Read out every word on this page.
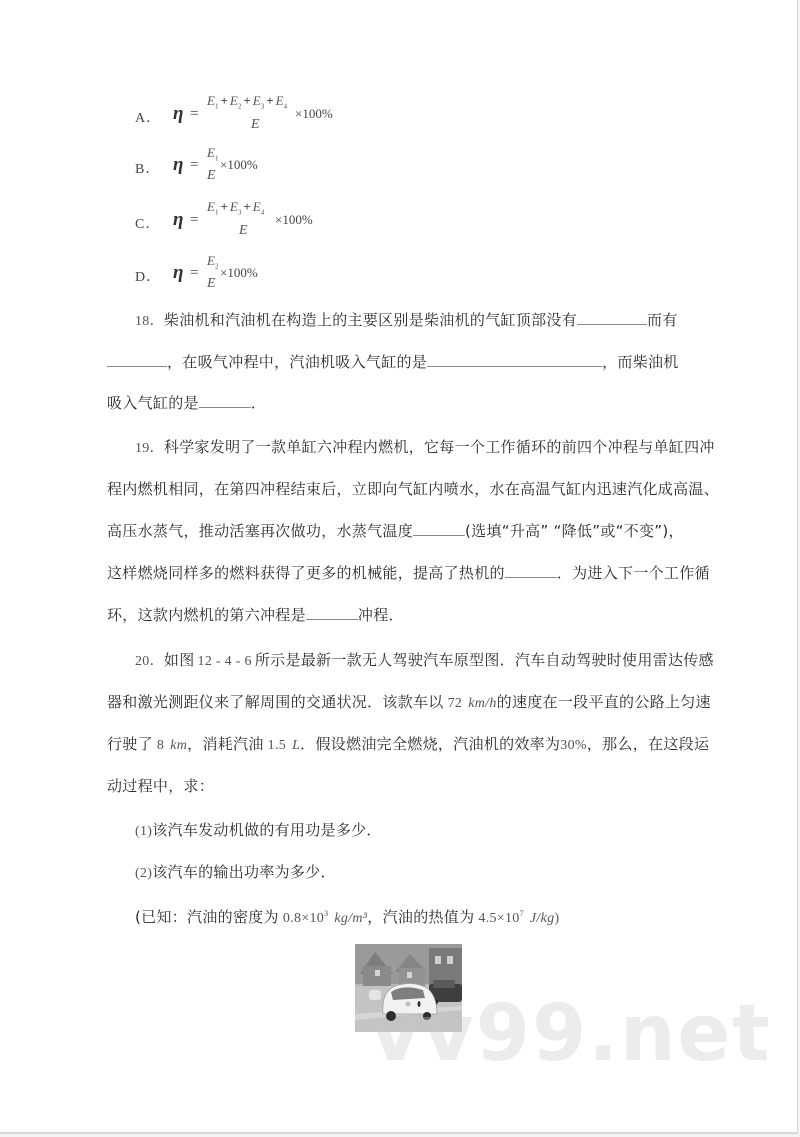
A． η =
$E_1 + E_2 + E_3 + E_4$
E
×100%
B． η =
$E_1$
E
×100%
C． η =
$E_1 + E_3 + E_4$
E
×100%
D． η =
$E_2$
E
×100%
18．柴油机和汽油机在构造上的主要区别是柴油机的气缸顶部没有	而有
，在吸气冲程中，汽油机吸入气缸的是	，而柴油机
吸入气缸的是	．
19．科学家发明了一款单缸六冲程内燃机，它每一个工作循环的前四个冲程与单缸四冲
程内燃机相同，在第四冲程结束后，立即向气缸内喷水，水在高温气缸内迅速汽化成高温、
高压水蒸气，推动活塞再次做功，水蒸气温度	(选填“升高” “降低”或“不变”)，
这样燃烧同样多的燃料获得了更多的机械能，提高了热机的	．为进入下一个工作循
环，这款内燃机的第六冲程是	冲程．
20．如图 12 - 4 - 6 所示是最新一款无人驾驶汽车原型图．汽车自动驾驶时使用雷达传感
器和激光测距仪来了解周围的交通状况．该款车以 72 km/h的速度在一段平直的公路上匀速
行驶了 8 km，消耗汽油 1.5 L．假设燃油完全燃烧，汽油机的效率为30%，那么，在这段运
动过程中，求：
(1)该汽车发动机做的有用功是多少．
(2)该汽车的输出功率为多少．
(已知：汽油的密度为 $0.8\times 10^3$ kg/m³，汽油的热值为 $4.5\times 10^7$ J/kg)
vv99.net
